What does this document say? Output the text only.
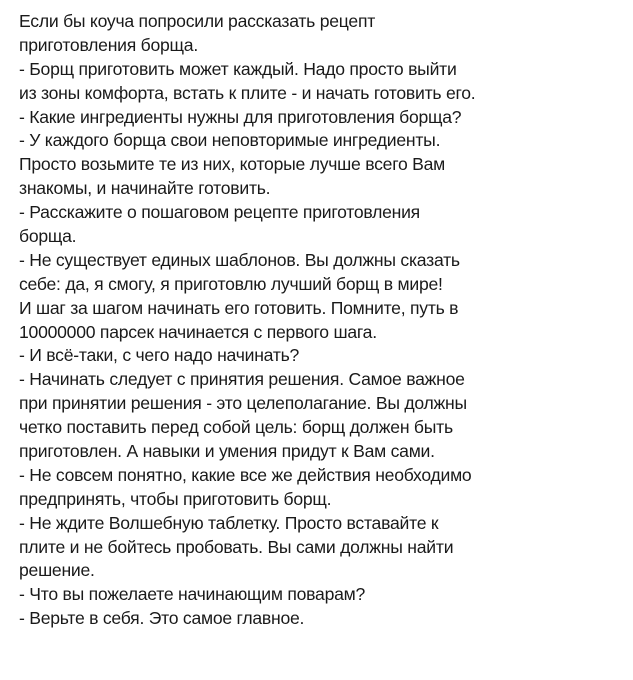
Если бы коуча попросили рассказать рецепт
приготовления борща.
- Борщ приготовить может каждый. Надо просто выйти
из зоны комфорта, встать к плите - и начать готовить его.
- Какие ингредиенты нужны для приготовления борща?
- У каждого борща свои неповторимые ингредиенты.
Просто возьмите те из них, которые лучше всего Вам
знакомы, и начинайте готовить.
- Расскажите о пошаговом рецепте приготовления
борща.
- Не существует единых шаблонов. Вы должны сказать
себе: да, я смогу, я приготовлю лучший борщ в мире!
И шаг за шагом начинать его готовить. Помните, путь в
10000000 парсек начинается с первого шага.
- И всё-таки, с чего надо начинать?
- Начинать следует с принятия решения. Самое важное
при принятии решения - это целеполагание. Вы должны
четко поставить перед собой цель: борщ должен быть
приготовлен. А навыки и умения придут к Вам сами.
- Не совсем понятно, какие все же действия необходимо
предпринять, чтобы приготовить борщ.
- Не ждите Волшебную таблетку. Просто вставайте к
плите и не бойтесь пробовать. Вы сами должны найти
решение.
- Что вы пожелаете начинающим поварам?
- Верьте в себя. Это самое главное.
